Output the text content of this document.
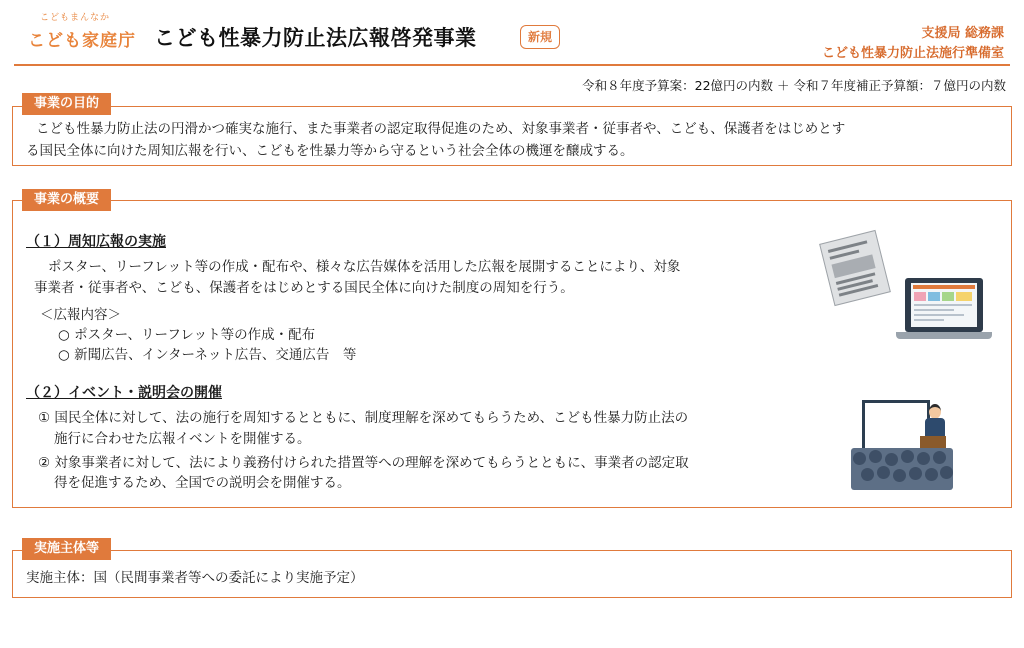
こどもまんなか
こども家庭庁 こども性暴力防止法広報啓発事業	新規	支援局 総務課
こども性暴力防止法施行準備室
令和８年度予算案：22億円の内数 ＋ 令和７年度補正予算額：７億円の内数
事業の目的
こども性暴力防止法の円滑かつ確実な施行、また事業者の認定取得促進のため、対象事業者・従事者や、こども、保護者をはじめとす
る国民全体に向けた周知広報を行い、こどもを性暴力等から守るという社会全体の機運を醸成する。
事業の概要
（１）周知広報の実施
ポスター、リーフレット等の作成・配布や、様々な広告媒体を活用した広報を展開することにより、対象
事業者・従事者や、こども、保護者をはじめとする国民全体に向けた制度の周知を行う。
＜広報内容＞
○ ポスター、リーフレット等の作成・配布
○ 新聞広告、インターネット広告、交通広告　等
（２）イベント・説明会の開催
① 国民全体に対して、法の施行を周知するとともに、制度理解を深めてもらうため、こども性暴力防止法の
施行に合わせた広報イベントを開催する。
② 対象事業者に対して、法により義務付けられた措置等への理解を深めてもらうとともに、事業者の認定取
得を促進するため、全国での説明会を開催する。
実施主体等
実施主体：国（民間事業者等への委託により実施予定）
